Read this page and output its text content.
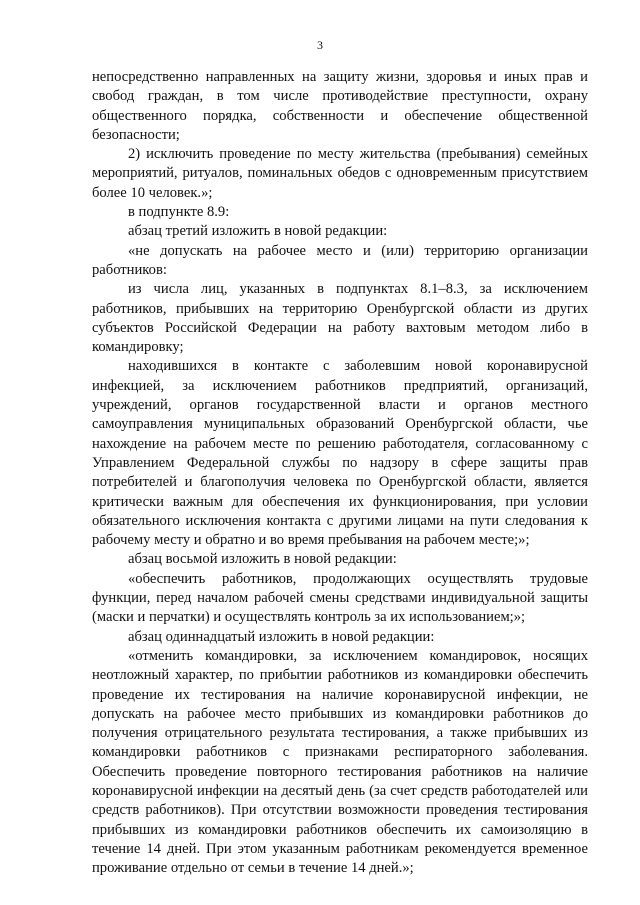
3

непосредственно направленных на защиту жизни, здоровья и иных прав и свобод граждан, в том числе противодействие преступности, охрану общественного порядка, собственности и обеспечение общественной безопасности;

2) исключить проведение по месту жительства (пребывания) семейных мероприятий, ритуалов, поминальных обедов с одновременным присутствием более 10 человек.»;

в подпункте 8.9:

абзац третий изложить в новой редакции:

«не допускать на рабочее место и (или) территорию организации работников:

из числа лиц, указанных в подпунктах 8.1–8.3, за исключением работников, прибывших на территорию Оренбургской области из других субъектов Российской Федерации на работу вахтовым методом либо в командировку;

находившихся в контакте с заболевшим новой коронавирусной инфекцией, за исключением работников предприятий, организаций, учреждений, органов государственной власти и органов местного самоуправления муниципальных образований Оренбургской области, чье нахождение на рабочем месте по решению работодателя, согласованному с Управлением Федеральной службы по надзору в сфере защиты прав потребителей и благополучия человека по Оренбургской области, является критически важным для обеспечения их функционирования, при условии обязательного исключения контакта с другими лицами на пути следования к рабочему месту и обратно и во время пребывания на рабочем месте;»;

абзац восьмой изложить в новой редакции:

«обеспечить работников, продолжающих осуществлять трудовые функции, перед началом рабочей смены средствами индивидуальной защиты (маски и перчатки) и осуществлять контроль за их использованием;»;

абзац одиннадцатый изложить в новой редакции:

«отменить командировки, за исключением командировок, носящих неотложный характер, по прибытии работников из командировки обеспечить проведение их тестирования на наличие коронавирусной инфекции, не допускать на рабочее место прибывших из командировки работников до получения отрицательного результата тестирования, а также прибывших из командировки работников с признаками респираторного заболевания. Обеспечить проведение повторного тестирования работников на наличие коронавирусной инфекции на десятый день (за счет средств работодателей или средств работников). При отсутствии возможности проведения тестирования прибывших из командировки работников обеспечить их самоизоляцию в течение 14 дней. При этом указанным работникам рекомендуется временное проживание отдельно от семьи в течение 14 дней.»;
